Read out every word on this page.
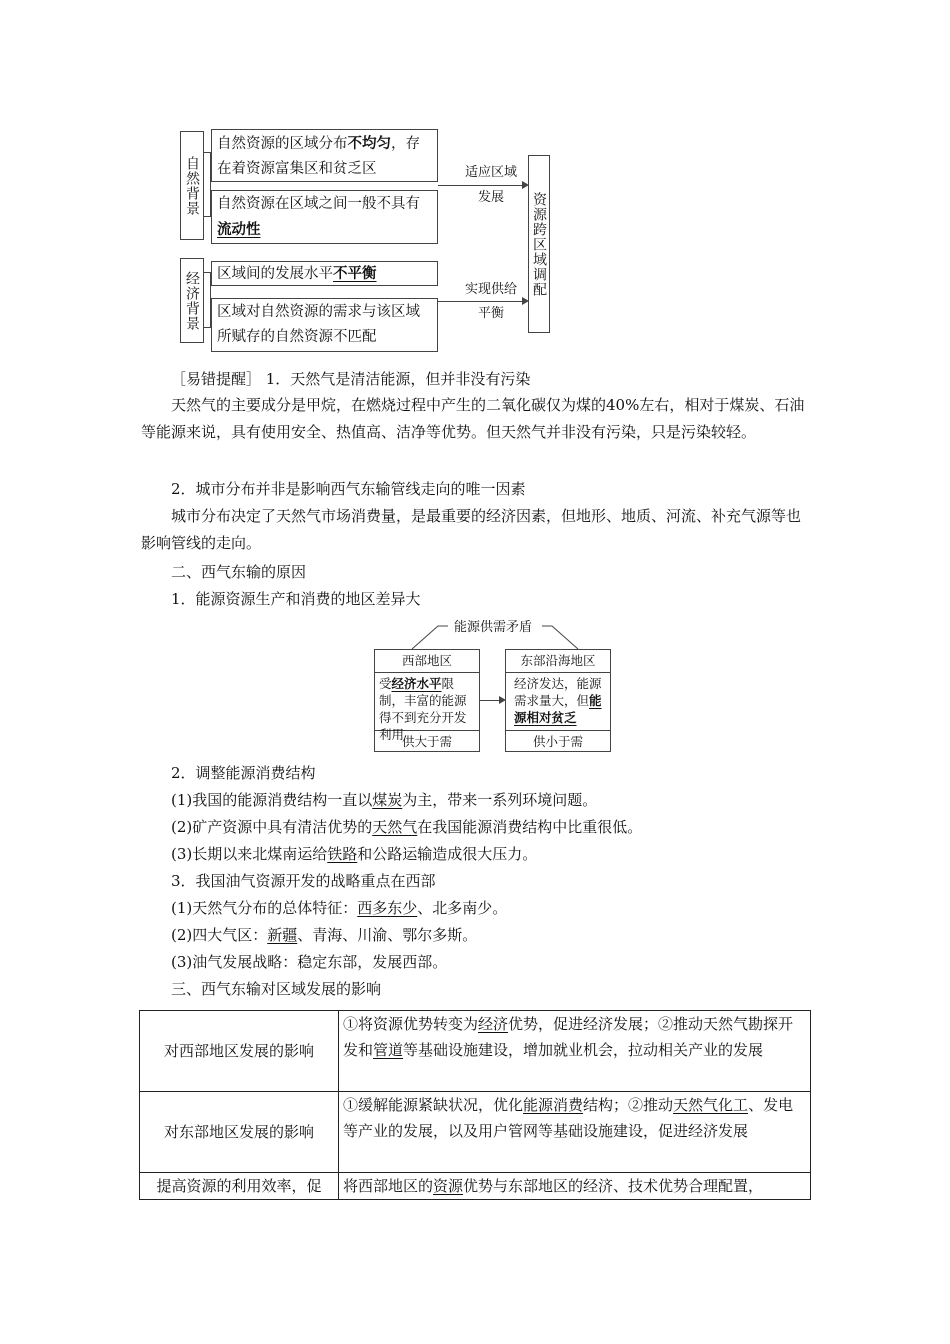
自然背景
经济背景
自然资源的区域分布不均匀，存在着资源富集区和贫乏区
自然资源在区域之间一般不具有流动性
区域间的发展水平不平衡
区域对自然资源的需求与该区域所赋存的自然资源不匹配
适应区域
发展
实现供给
平衡
资源跨区域调配

［易错提醒］ 1．天然气是清洁能源，但并非没有污染

天然气的主要成分是甲烷，在燃烧过程中产生的二氧化碳仅为煤的40%左右，相对于煤炭、石油等能源来说，具有使用安全、热值高、洁净等优势。但天然气并非没有污染，只是污染较轻。

2．城市分布并非是影响西气东输管线走向的唯一因素

城市分布决定了天然气市场消费量，是最重要的经济因素，但地形、地质、河流、补充气源等也影响管线的走向。

二、西气东输的原因

1．能源资源生产和消费的地区差异大

能源供需矛盾
西部地区
受经济水平限制，丰富的能源得不到充分开发利用
供大于需
东部沿海地区
经济发达，能源需求量大，但能源相对贫乏
供小于需

2．调整能源消费结构

(1)我国的能源消费结构一直以煤炭为主，带来一系列环境问题。

(2)矿产资源中具有清洁优势的天然气在我国能源消费结构中比重很低。

(3)长期以来北煤南运给铁路和公路运输造成很大压力。

3．我国油气资源开发的战略重点在西部

(1)天然气分布的总体特征：西多东少、北多南少。

(2)四大气区：新疆、青海、川渝、鄂尔多斯。

(3)油气发展战略：稳定东部，发展西部。

三、西气东输对区域发展的影响

对西部地区发展的影响	①将资源优势转变为经济优势，促进经济发展；②推动天然气勘探开发和管道等基础设施建设，增加就业机会，拉动相关产业的发展
对东部地区发展的影响	①缓解能源紧缺状况，优化能源消费结构；②推动天然气化工、发电等产业的发展，以及用户管网等基础设施建设，促进经济发展
提高资源的利用效率，促	将西部地区的资源优势与东部地区的经济、技术优势合理配置，
